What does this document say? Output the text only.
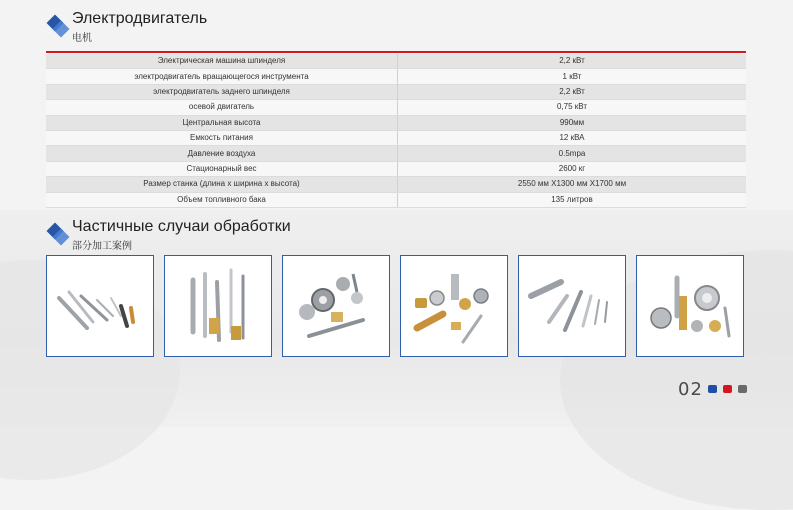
Электродвигатель
电机
Электрическая машина шпинделя	2,2 кВт
электродвигатель вращающегося инструмента	1 кВт
электродвигатель заднего шпинделя	2,2 кВт
осевой двигатель	0,75 кВт
Центральная высота	990мм
Емкость питания	12 кВА
Давление воздуха	0.5mpa
Стационарный вес	2600 кг
Размер станка (длина x ширина x высота)	2550 мм X1300 мм X1700 мм
Объем топливного бака	135 литров
Частичные случаи обработки
部分加工案例
02
